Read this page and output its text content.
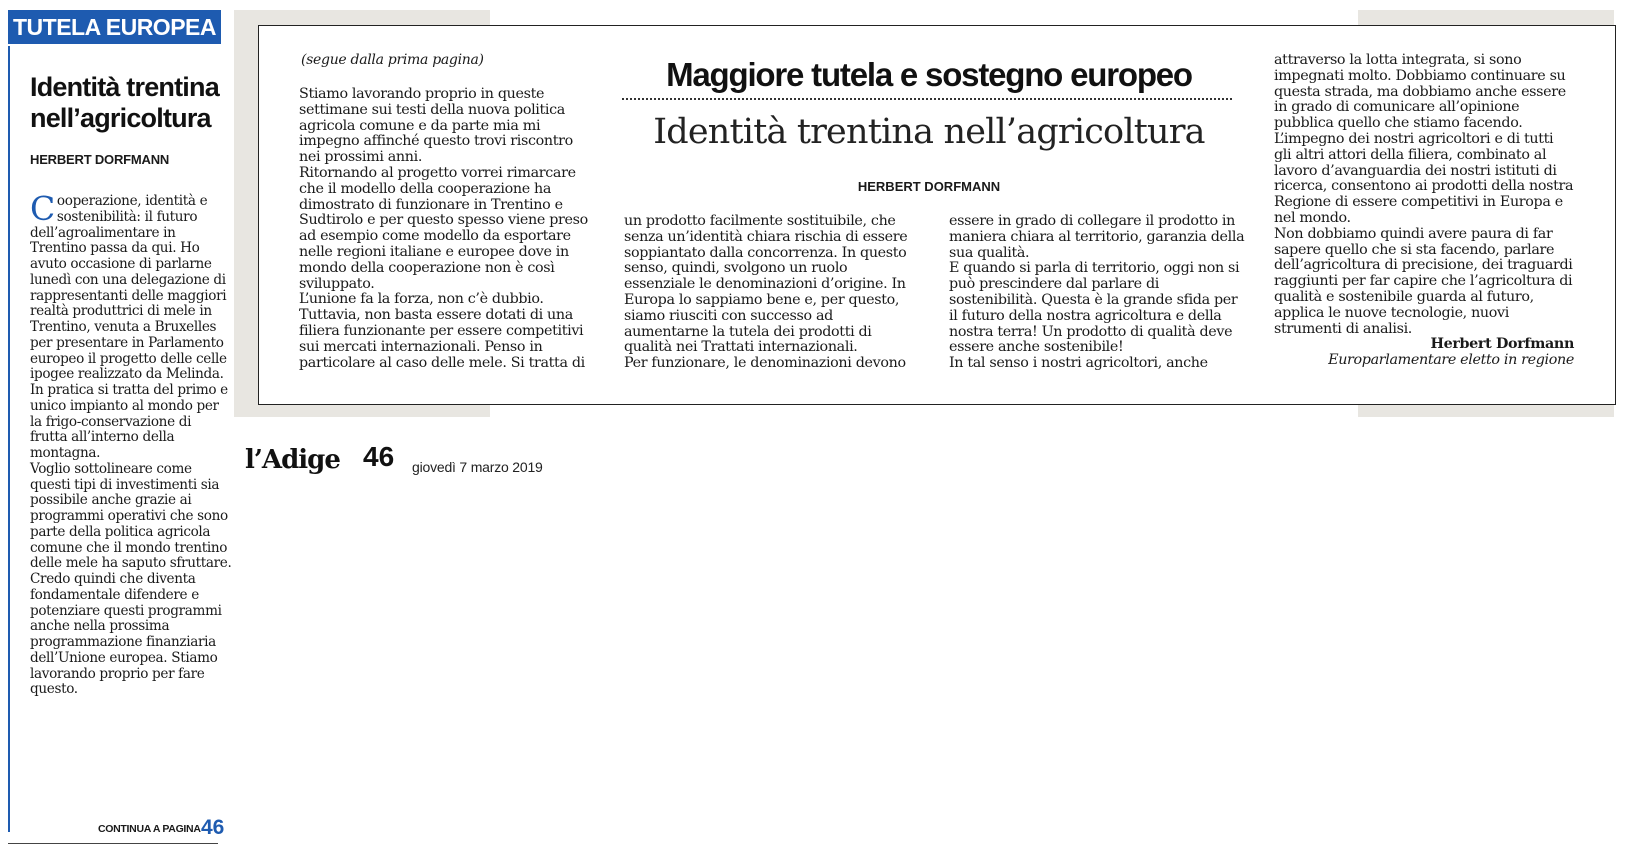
TUTELA EUROPEA
Identità trentina nell’agricoltura
HERBERT DORFMANN

Cooperazione, identità e sostenibilità: il futuro dell’agroalimentare in Trentino passa da qui. Ho avuto occasione di parlarne lunedì con una delegazione di rappresentanti delle maggiori realtà produttrici di mele in Trentino, venuta a Bruxelles per presentare in Parlamento europeo il progetto delle celle ipogee realizzato da Melinda.

In pratica si tratta del primo e unico impianto al mondo per la frigo-conservazione di frutta all’interno della montagna.

Voglio sottolineare come questi tipi di investimenti sia possibile anche grazie ai programmi operativi che sono parte della politica agricola comune che il mondo trentino delle mele ha saputo sfruttare. Credo quindi che diventa fondamentale difendere e potenziare questi programmi anche nella prossima programmazione finanziaria dell’Unione europea. Stiamo lavorando proprio per fare questo.

CONTINUA A PAGINA 46
(segue dalla prima pagina)	Maggiore tutela e sostegno europeo
Identità trentina nell’agricoltura
HERBERT DORFMANN

Stiamo lavorando proprio in queste settimane sui testi della nuova politica agricola comune e da parte mia mi impegno affinché questo trovi riscontro nei prossimi anni.

Ritornando al progetto vorrei rimarcare che il modello della cooperazione ha dimostrato di funzionare in Trentino e Sudtirolo e per questo spesso viene preso ad esempio come modello da esportare nelle regioni italiane e europee dove in mondo della cooperazione non è così sviluppato.

L’unione fa la forza, non c’è dubbio. Tuttavia, non basta essere dotati di una filiera funzionante per essere competitivi sui mercati internazionali. Penso in particolare al caso delle mele. Si tratta di

un prodotto facilmente sostituibile, che senza un’identità chiara rischia di essere soppiantato dalla concorrenza. In questo senso, quindi, svolgono un ruolo essenziale le denominazioni d’origine. In Europa lo sappiamo bene e, per questo, siamo riusciti con successo ad aumentarne la tutela dei prodotti di qualità nei Trattati internazionali.

Per funzionare, le denominazioni devono

essere in grado di collegare il prodotto in maniera chiara al territorio, garanzia della sua qualità.

E quando si parla di territorio, oggi non si può prescindere dal parlare di sostenibilità. Questa è la grande sfida per il futuro della nostra agricoltura e della nostra terra! Un prodotto di qualità deve essere anche sostenibile!

In tal senso i nostri agricoltori, anche

attraverso la lotta integrata, si sono impegnati molto. Dobbiamo continuare su questa strada, ma dobbiamo anche essere in grado di comunicare all’opinione pubblica quello che stiamo facendo. L’impegno dei nostri agricoltori e di tutti gli altri attori della filiera, combinato al lavoro d’avanguardia dei nostri istituti di ricerca, consentono ai prodotti della nostra Regione di essere competitivi in Europa e nel mondo.

Non dobbiamo quindi avere paura di far sapere quello che si sta facendo, parlare dell’agricoltura di precisione, dei traguardi raggiunti per far capire che l’agricoltura di qualità e sostenibile guarda al futuro, applica le nuove tecnologie, nuovi strumenti di analisi.

Herbert Dorfmann

Europarlamentare eletto in regione

l’Adige 46 giovedì 7 marzo 2019
